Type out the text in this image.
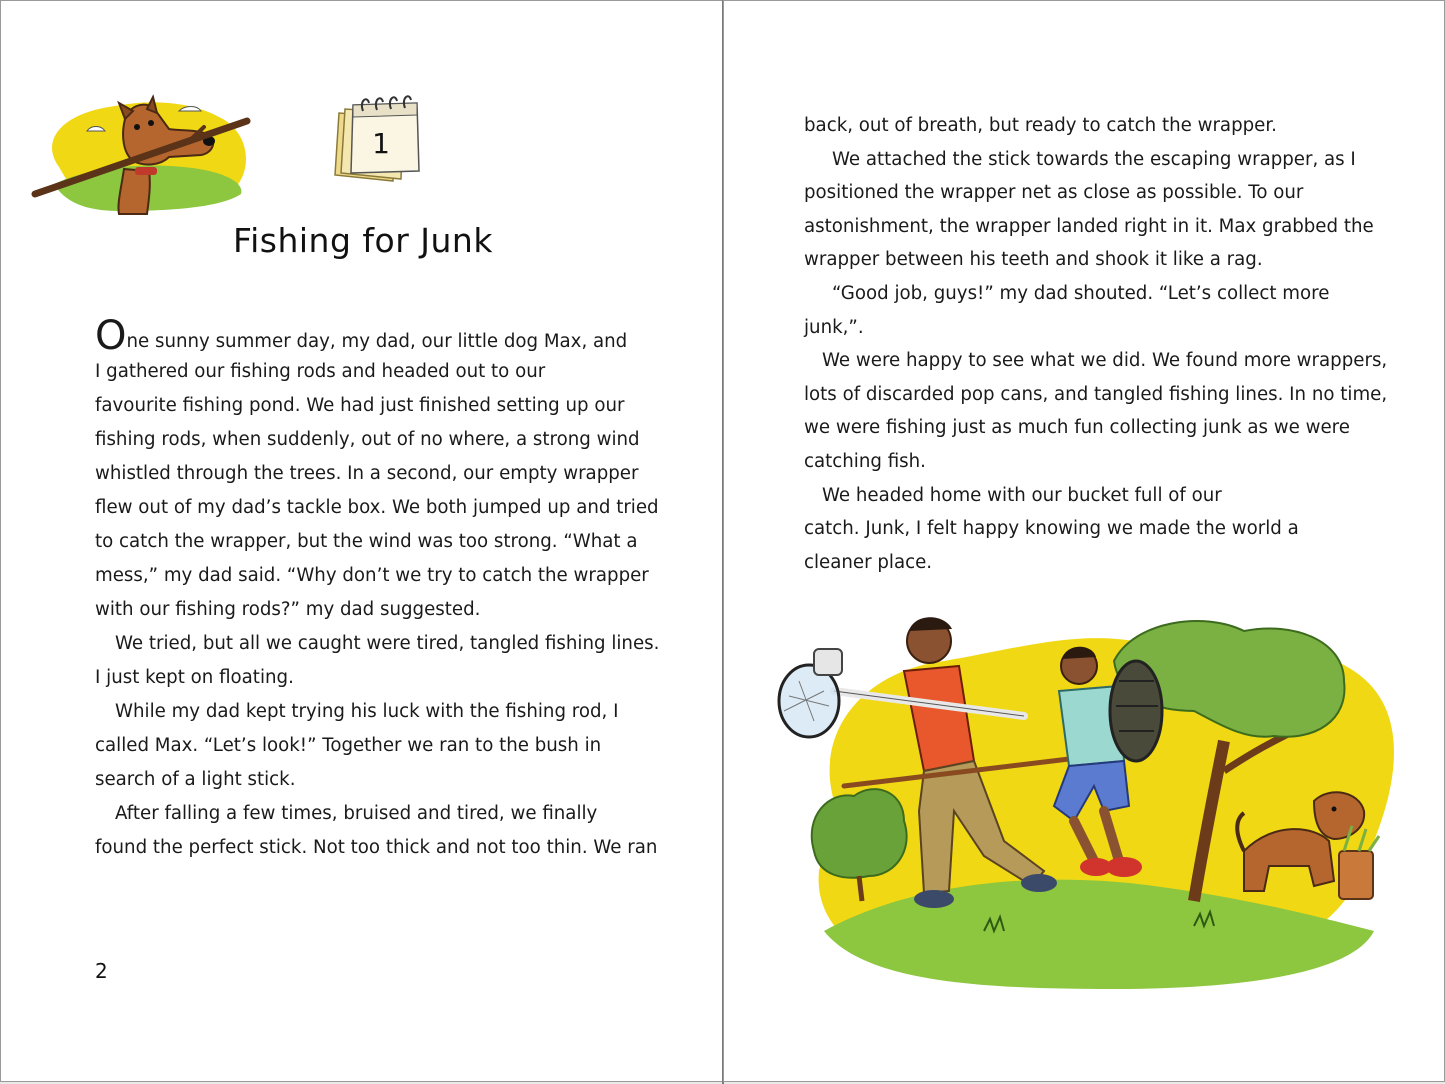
1
Fishing for Junk
One sunny summer day, my dad, our little dog Max, and
I gathered our fishing rods and headed out to our
favourite fishing pond. We had just finished setting up our
fishing rods, when suddenly, out of no where, a strong wind
whistled through the trees. In a second, our empty wrapper
flew out of my dad’s tackle box. We both jumped up and tried
to catch the wrapper, but the wind was too strong. “What a
mess,” my dad said. “Why don’t we try to catch the wrapper
with our fishing rods?” my dad suggested.
We tried, but all we caught were tired, tangled fishing lines.
I just kept on floating.
While my dad kept trying his luck with the fishing rod, I
called Max. “Let’s look!” Together we ran to the bush in
search of a light stick.
After falling a few times, bruised and tired, we finally
found the perfect stick. Not too thick and not too thin. We ran
2
back, out of breath, but ready to catch the wrapper.
We attached the stick towards the escaping wrapper, as I
positioned the wrapper net as close as possible. To our
astonishment, the wrapper landed right in it. Max grabbed the
wrapper between his teeth and shook it like a rag.
“Good job, guys!” my dad shouted. “Let’s collect more
junk,”.
We were happy to see what we did. We found more wrappers,
lots of discarded pop cans, and tangled fishing lines. In no time,
we were fishing just as much fun collecting junk as we were
catching fish.
We headed home with our bucket full of our
catch. Junk, I felt happy knowing we made the world a
cleaner place.
